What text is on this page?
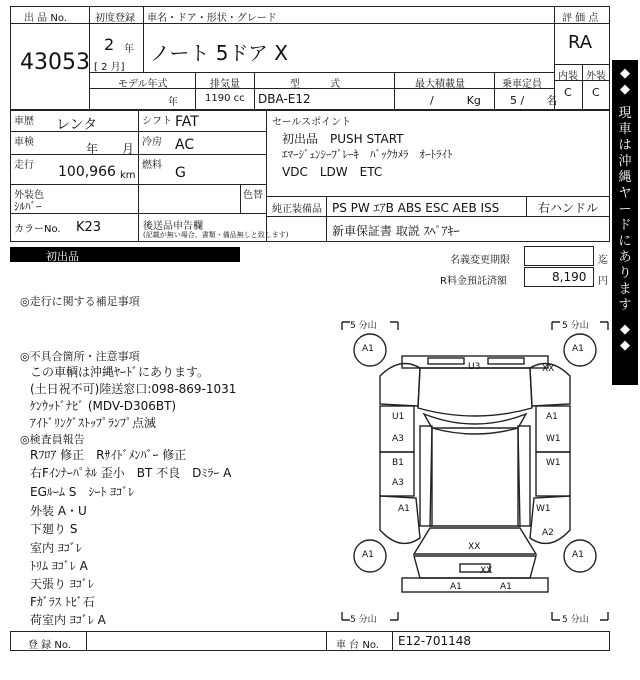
出 品 No.
43053
初度登録
2 年
[ 2 月]
車名・ドア・形状・グレード
ノート 5ドア X
モデル年式
年
排気量
1190 cc
型　　　式
DBA-E12
最大積載量
/　　　Kg
乗車定員
5 /　　名
評 価 点
RA
内装 外装
C C
車歴 レンタ	シフト FAT
車検	年 月 冷房 AC
走行 100,966 km
燃料 G
外装色
ｼﾙﾊﾞｰ
色替
カラーNo. K23	後送品申告欄
(記載が無い場合、書類・備品無しと致します)
セールスポイント
初出品　PUSH START
ｴﾏｰｼﾞｪﾝｼｰﾌﾞﾚｰｷ　ﾊﾞｯｸｶﾒﾗ　ｵｰﾄﾗｲﾄ
VDC　LDW　ETC
純正装備品 PS PW ｴｱB ABS ESC AEB ISS	右ハンドル
新車保証書 取説 ｽﾍﾟｱｷｰ
初出品	名義変更期限	迄
R料金預託済額	8,190 円
◎走行に関する補足事項
◎不具合箇所・注意事項
この車輌は沖縄ﾔｰﾄﾞにあります。
(土日祝不可)陸送窓口:098-869-1031
ｹﾝｳｯﾄﾞﾅﾋﾞ (MDV-D306BT)
ｱｲﾄﾞﾘﾝｸﾞｽﾄｯﾌﾟﾗﾝﾌﾟ点滅
◎検査員報告
Rﾌﾛｱ 修正　Rｻｲﾄﾞﾒﾝﾊﾞｰ 修正
右Fｲﾝﾅｰﾊﾟﾈﾙ 歪小　BT 不良　Dﾐﾗｰ A
EGﾙｰﾑ S　ｼｰﾄ ﾖｺﾞﾚ
外装 A・U
下廻り S
室内 ﾖｺﾞﾚ
ﾄﾘﾑ ﾖｺﾞﾚ A
天張り ﾖｺﾞﾚ
Fｶﾞﾗｽ ﾄﾋﾞ石
荷室内 ﾖｺﾞﾚ A
5 分山	5 分山
5 分山	5 分山
A1	A1
A1	A1
U3	XX
U1
A3
A1
W1
B1
A3
W1
A1	W1
A2
XX
XX
A1	A1
◆
◆
現
車
は
沖
縄
ヤ
ー
ド
に
あ
り
ま
す
◆
◆
登 録 No.	車 台 No. E12-701148
